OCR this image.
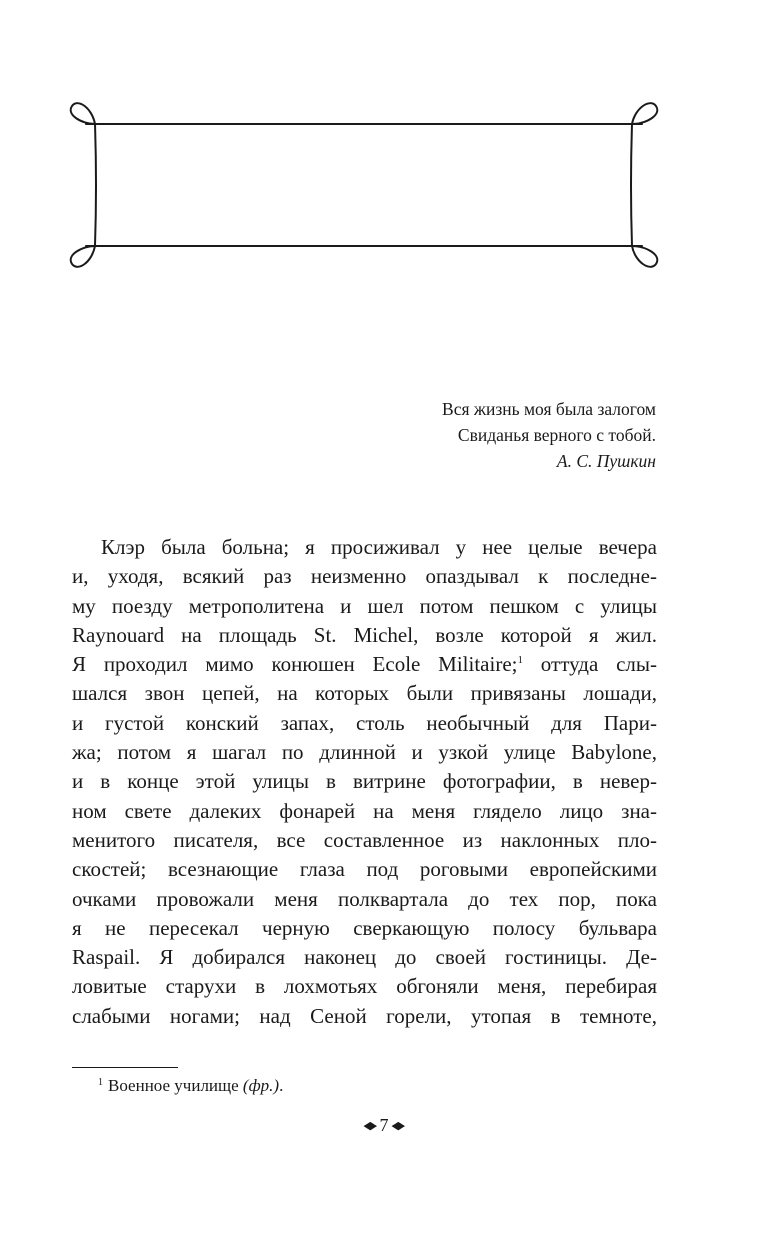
Вся жизнь моя была залогом
Свиданья верного с тобой.
А. С. Пушкин
Клэр была больна; я просиживал у нее целые вечера
и, уходя, всякий раз неизменно опаздывал к последне-
му поезду метрополитена и шел потом пешком с улицы
Raynouard на площадь St. Michel, возле которой я жил.
Я проходил мимо конюшен Ecole Militaire;$^1$ оттуда слы-
шался звон цепей, на которых были привязаны лошади,
и густой конский запах, столь необычный для Пари-
жа; потом я шагал по длинной и узкой улице Babylone,
и в конце этой улицы в витрине фотографии, в невер-
ном свете далеких фонарей на меня глядело лицо зна-
менитого писателя, все составленное из наклонных пло-
скостей; всезнающие глаза под роговыми европейскими
очками провожали меня полквартала до тех пор, пока
я не пересекал черную сверкающую полосу бульвара
Raspail. Я добирался наконец до своей гостиницы. Де-
ловитые старухи в лохмотьях обгоняли меня, перебирая
слабыми ногами; над Сеной горели, утопая в темноте,
$^1$ Военное училище (фр.).
◆ 7 ◆
